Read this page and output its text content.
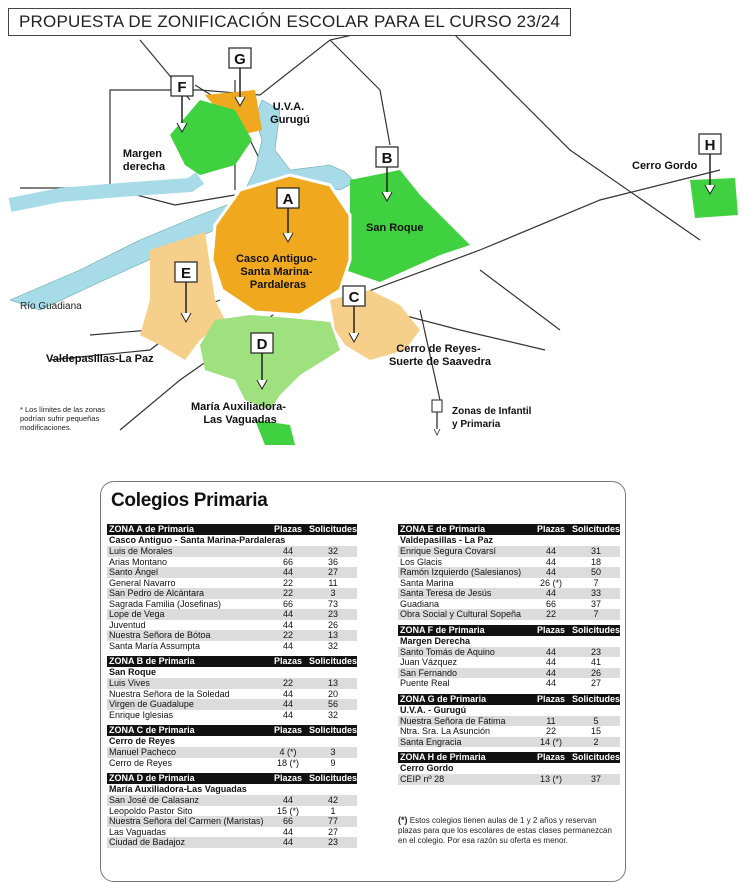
PROPUESTA DE ZONIFICACIÓN ESCOLAR PARA EL CURSO 23/24
A
B
C
D
E
F
G
H
Casco Antiguo- Santa Marina- Pardaleras
San Roque
Cerro de Reyes- Suerte de Saavedra
María Auxiliadora- Las Vaguadas
Valdepasillas-La Paz
Margen derecha
U.V.A. Gurugú
Cerro Gordo
Río Guadiana
Zonas de Infantil y Primaria
* Los límites de las zonas podrían sufrir pequeñas modificaciones.
Colegios Primaria
ZONA A de Primaria	Plazas Solicitudes
Casco Antiguo - Santa Marina-Pardaleras
Luis de Morales	44	32
Arias Montano	66	36
Santo Ángel	44	27
General Navarro	22	11
San Pedro de Alcántara	22	3
Sagrada Familia (Josefinas)	66	73
Lope de Vega	44	23
Juventud	44	26
Nuestra Señora de Bótoa	22	13
Santa María Assumpta	44	32
ZONA B de Primaria	Plazas Solicitudes
San Roque
Luis Vives	22	13
Nuestra Señora de la Soledad	44	20
Virgen de Guadalupe	44	56
Enrique Iglesias	44	32
ZONA C de Primaria	Plazas Solicitudes
Cerro de Reyes
Manuel Pacheco	4 (*)	3
Cerro de Reyes	18 (*)	9
ZONA D de Primaria	Plazas Solicitudes
María Auxiliadora-Las Vaguadas
San José de Calasanz	44	42
Leopoldo Pastor Sito	15 (*)	1
Nuestra Señora del Carmen (Maristas)	66	77
Las Vaguadas	44	27
Ciudad de Badajoz	44	23
ZONA E de Primaria	Plazas Solicitudes
Valdepasillas - La Paz
Enrique Segura Covarsí	44	31
Los Glacis	44	18
Ramón Izquierdo (Salesianos)	44	50
Santa Marina	26 (*)	7
Santa Teresa de Jesús	44	33
Guadiana	66	37
Obra Social y Cultural Sopeña	22	7
ZONA F de Primaria	Plazas Solicitudes
Margen Derecha
Santo Tomás de Aquino	44	23
Juan Vázquez	44	41
San Fernando	44	26
Puente Real	44	27
ZONA G de Primaria	Plazas Solicitudes
U.V.A. - Gurugú
Nuestra Señora de Fátima	11	5
Ntra. Sra. La Asunción	22	15
Santa Engracia	14 (*)	2
ZONA H de Primaria	Plazas Solicitudes
Cerro Gordo
CEIP nº 28	13 (*)	37
(*) Estos colegios tienen aulas de 1 y 2 años y reservan plazas para que los escolares de estas clases permanezcan en el colegio. Por esa razón su oferta es menor.
